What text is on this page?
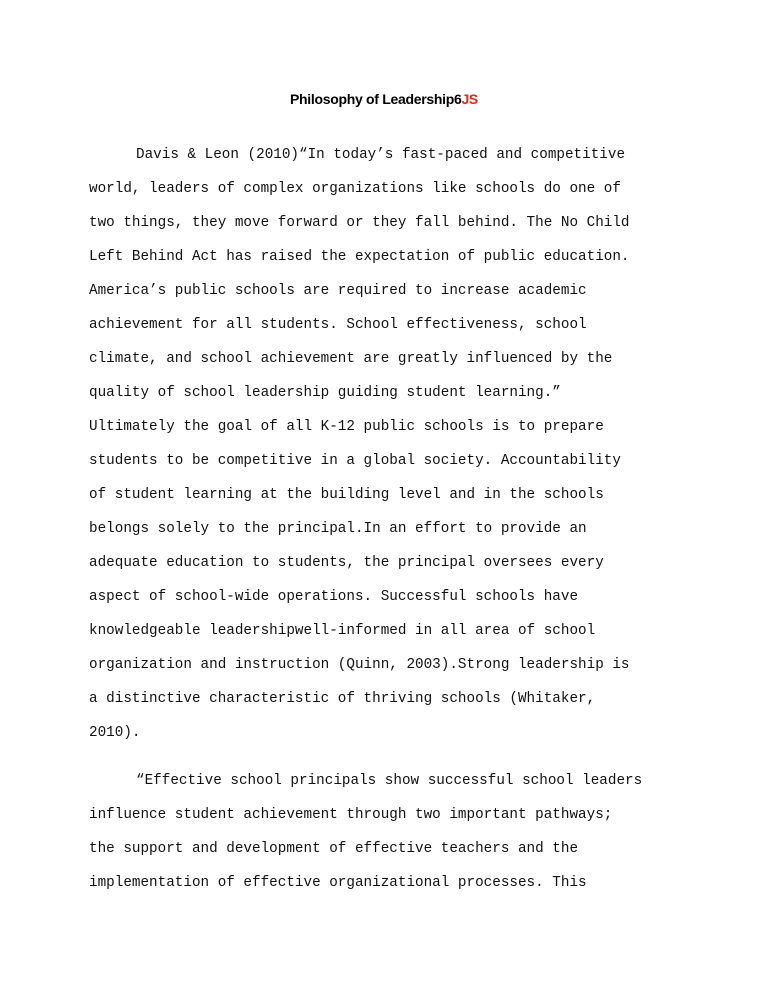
Philosophy of Leadership6JS
Davis & Leon (2010)“In today’s fast-paced and competitive
world, leaders of complex organizations like schools do one of
two things, they move forward or they fall behind. The No Child
Left Behind Act has raised the expectation of public education.
America’s public schools are required to increase academic
achievement for all students. School effectiveness, school
climate, and school achievement are greatly influenced by the
quality of school leadership guiding student learning.”
Ultimately the goal of all K-12 public schools is to prepare
students to be competitive in a global society. Accountability
of student learning at the building level and in the schools
belongs solely to the principal.In an effort to provide an
adequate education to students, the principal oversees every
aspect of school-wide operations. Successful schools have
knowledgeable leadershipwell-informed in all area of school
organization and instruction (Quinn, 2003).Strong leadership is
a distinctive characteristic of thriving schools (Whitaker,
2010).
“Effective school principals show successful school leaders
influence student achievement through two important pathways;
the support and development of effective teachers and the
implementation of effective organizational processes. This
